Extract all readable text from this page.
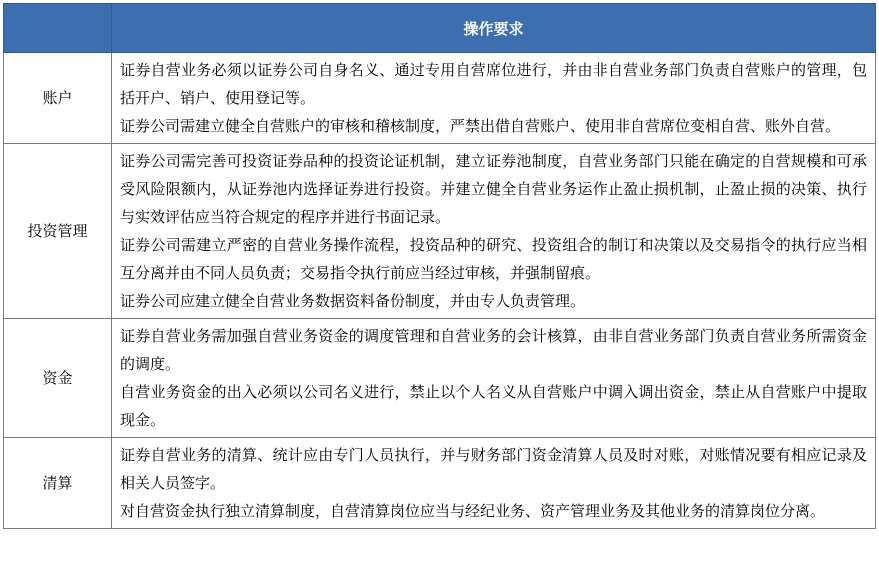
	操作要求
账户	证券自营业务必须以证券公司自身名义、通过专用自营席位进行，并由非自营业务部门负责自营账户的管理，包括开户、销户、使用登记等。

证券公司需建立健全自营账户的审核和稽核制度，严禁出借自营账户、使用非自营席位变相自营、账外自营。

投资管理	证券公司需完善可投资证券品种的投资论证机制，建立证券池制度，自营业务部门只能在确定的自营规模和可承受风险限额内，从证券池内选择证券进行投资。并建立健全自营业务运作止盈止损机制，止盈止损的决策、执行与实效评估应当符合规定的程序并进行书面记录。

证券公司需建立严密的自营业务操作流程，投资品种的研究、投资组合的制订和决策以及交易指令的执行应当相互分离并由不同人员负责；交易指令执行前应当经过审核，并强制留痕。

证券公司应建立健全自营业务数据资料备份制度，并由专人负责管理。

资金	证券自营业务需加强自营业务资金的调度管理和自营业务的会计核算，由非自营业务部门负责自营业务所需资金的调度。

自营业务资金的出入必须以公司名义进行，禁止以个人名义从自营账户中调入调出资金，禁止从自营账户中提取现金。

清算	证券自营业务的清算、统计应由专门人员执行，并与财务部门资金清算人员及时对账，对账情况要有相应记录及相关人员签字。

对自营资金执行独立清算制度，自营清算岗位应当与经纪业务、资产管理业务及其他业务的清算岗位分离。
